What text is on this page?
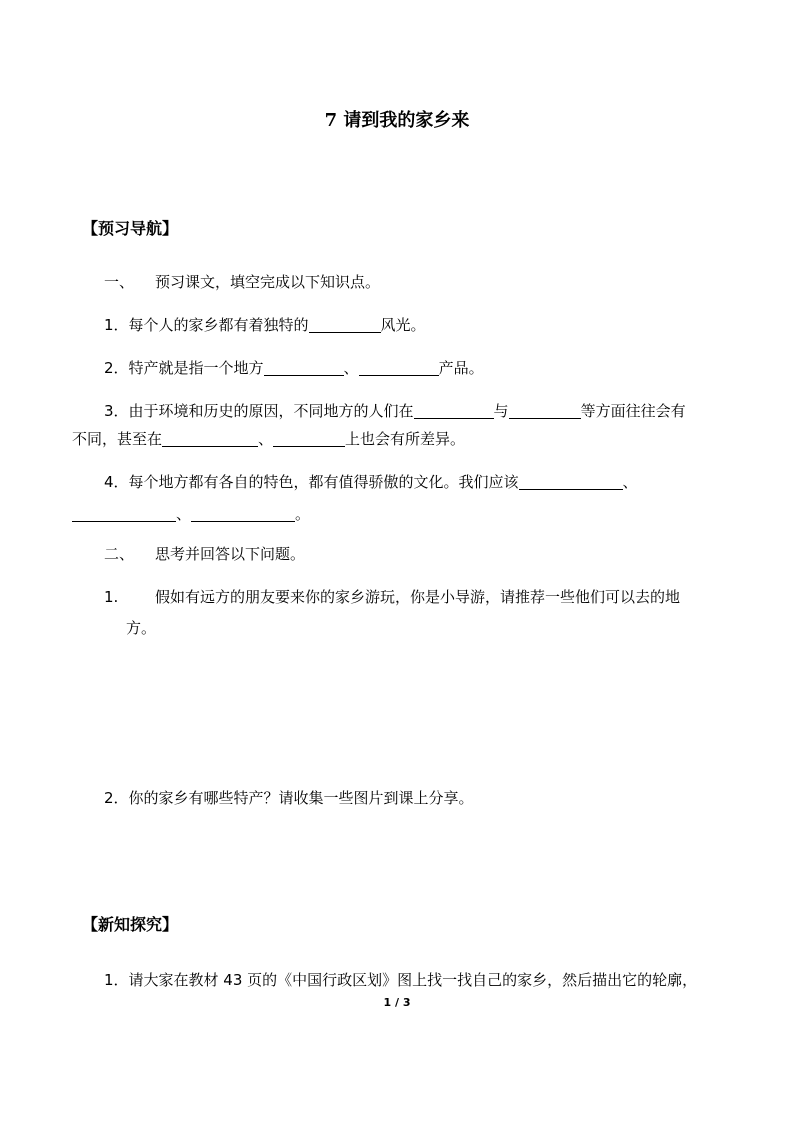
7 请到我的家乡来
【预习导航】
一、 预习课文，填空完成以下知识点。
1．每个人的家乡都有着独特的	风光。
2．特产就是指一个地方	、	产品。
3．由于环境和历史的原因，不同地方的人们在	与	等方面往往会有
不同，甚至在	、	上也会有所差异。
4．每个地方都有各自的特色，都有值得骄傲的文化。我们应该	、
、	。
二、 思考并回答以下问题。
1. 假如有远方的朋友要来你的家乡游玩，你是小导游，请推荐一些他们可以去的地
方。
2．你的家乡有哪些特产？请收集一些图片到课上分享。
【新知探究】
1．请大家在教材 43 页的《中国行政区划》图上找一找自己的家乡，然后描出它的轮廓，
1 / 3
